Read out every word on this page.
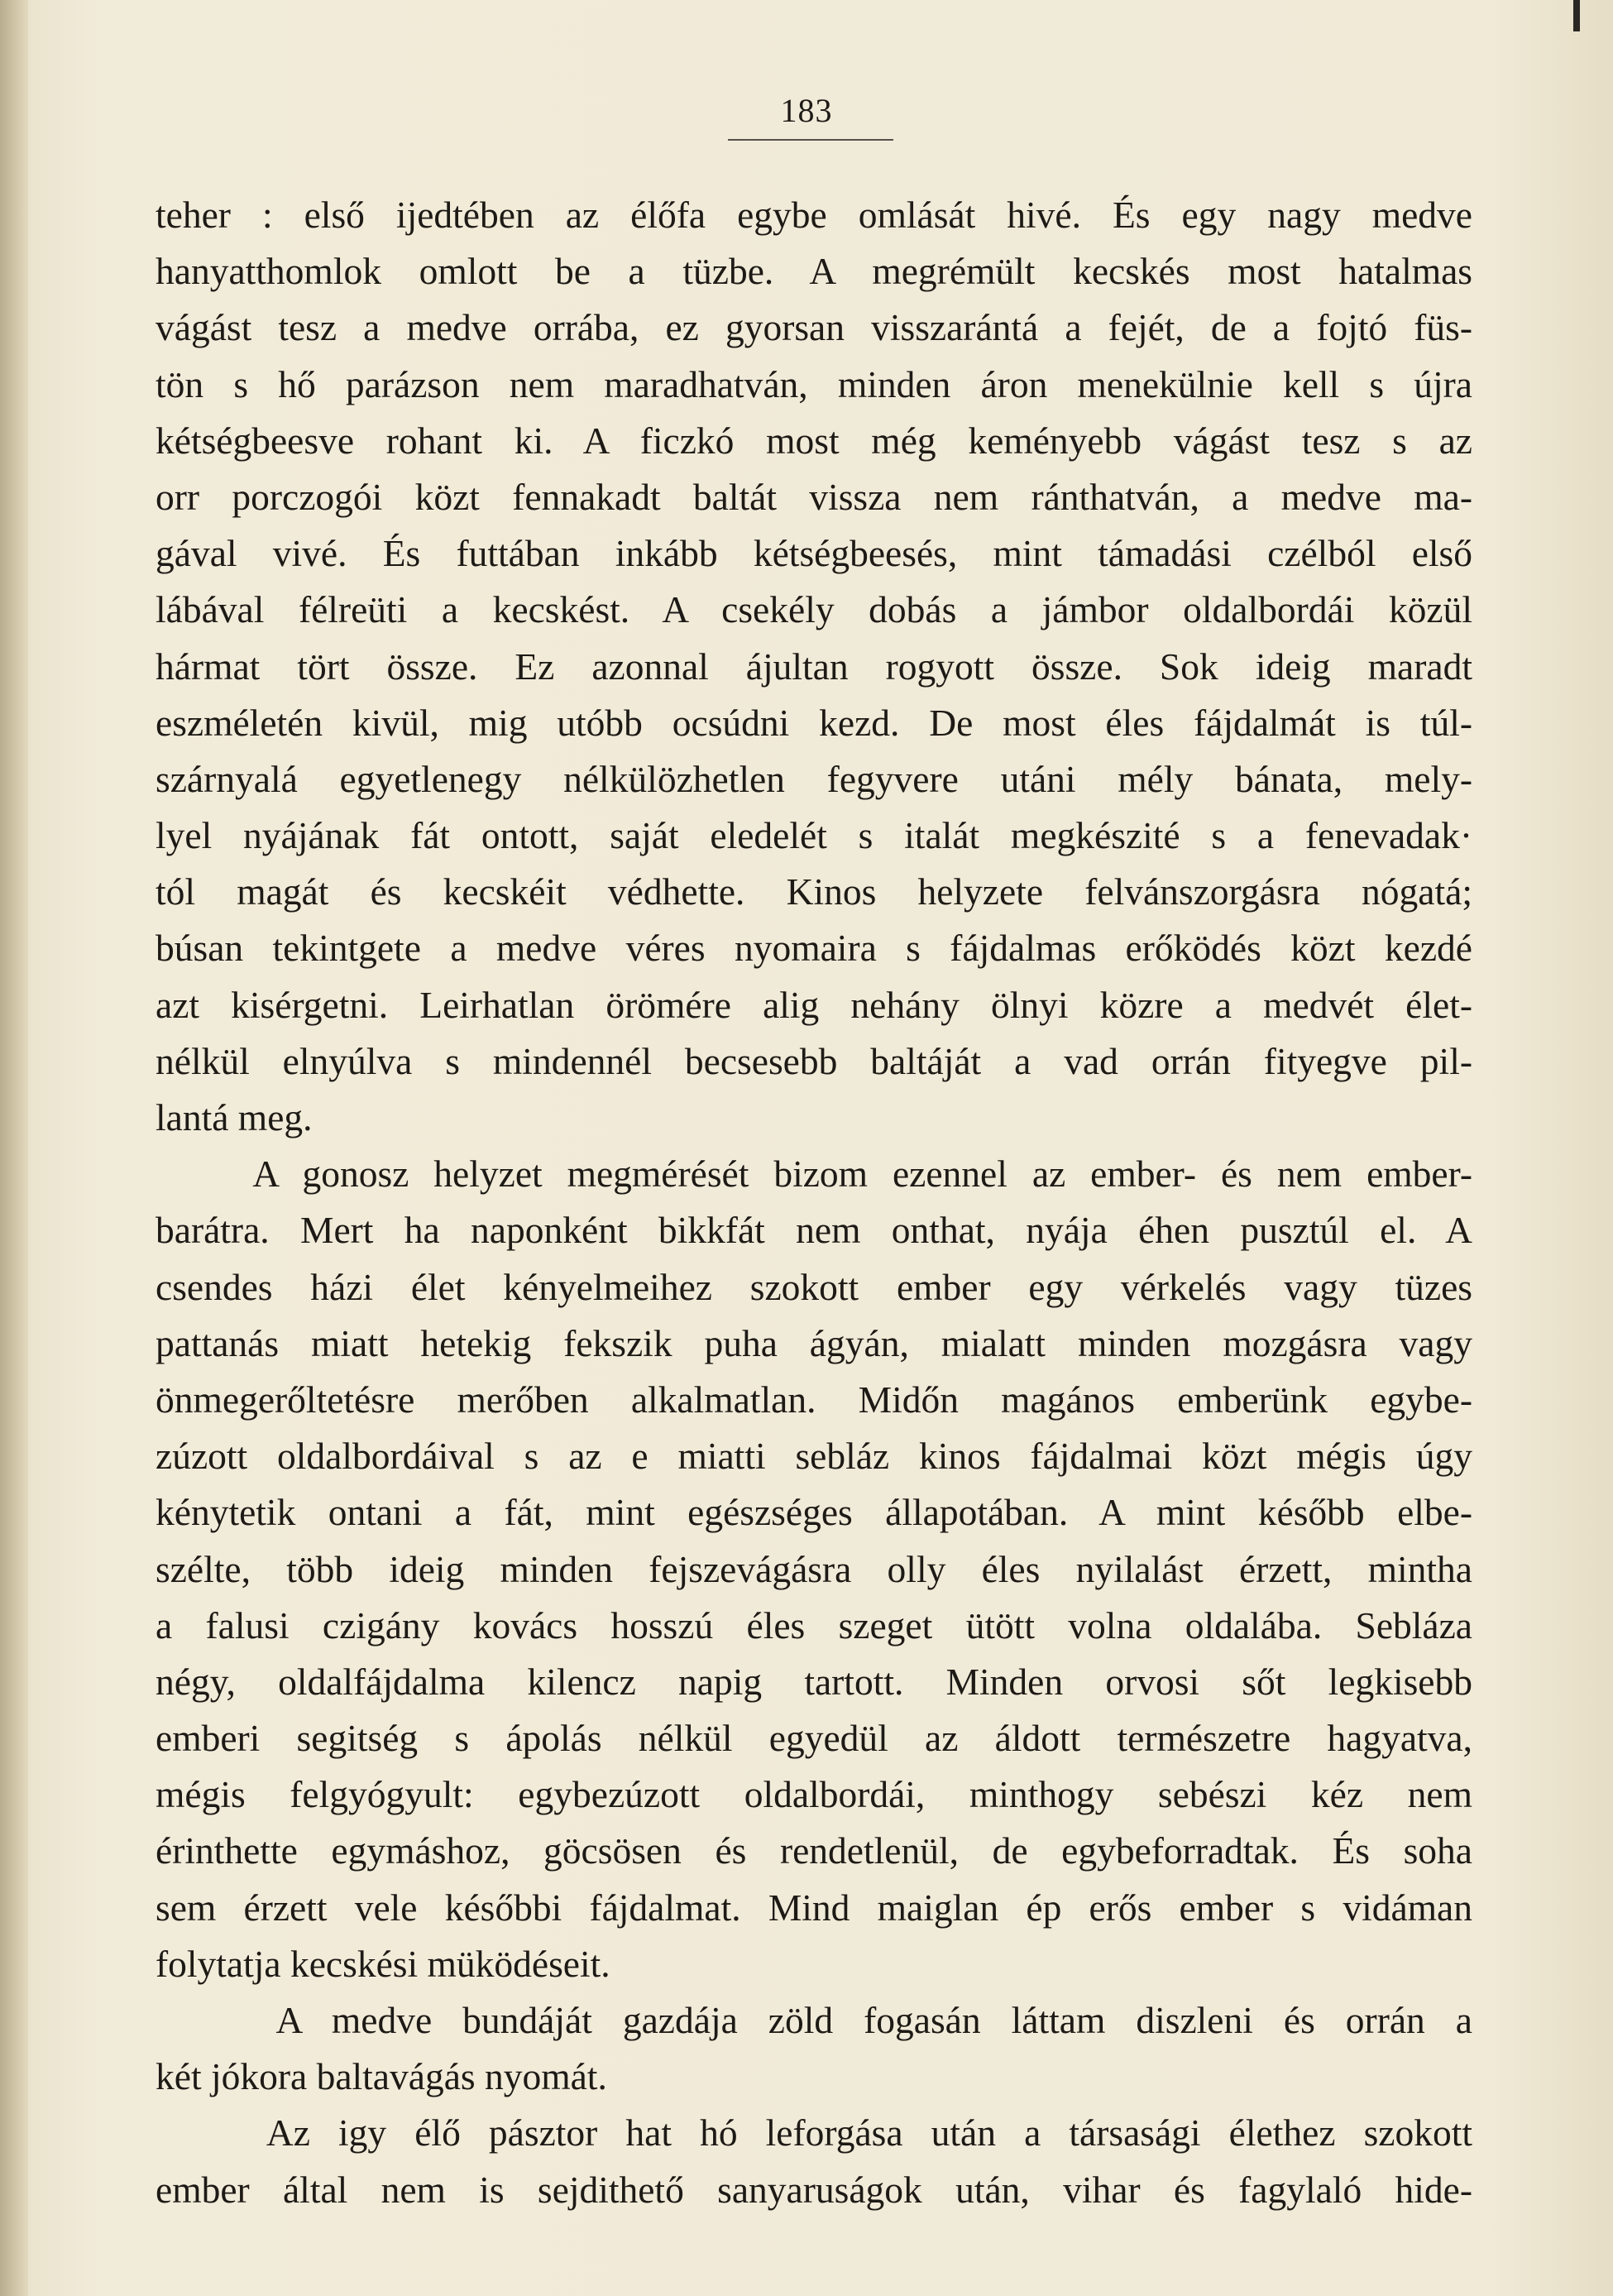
183
teher : első ijedtében az élőfa egybe omlását hivé. És egy nagy medve
hanyatthomlok omlott be a tüzbe. A megrémült kecskés most hatalmas
vágást tesz a medve orrába, ez gyorsan visszarántá a fejét, de a fojtó füs-
tön s hő parázson nem maradhatván, minden áron menekülnie kell s újra
kétségbeesve rohant ki. A ficzkó most még keményebb vágást tesz s az
orr porczogói közt fennakadt baltát vissza nem ránthatván, a medve ma-
gával vivé. És futtában inkább kétségbeesés, mint támadási czélból első
lábával félreüti a kecskést. A csekély dobás a jámbor oldalbordái közül
hármat tört össze. Ez azonnal ájultan rogyott össze. Sok ideig maradt
eszméletén kivül, mig utóbb ocsúdni kezd. De most éles fájdalmát is túl-
szárnyalá egyetlenegy nélkülözhetlen fegyvere utáni mély bánata, mely-
lyel nyájának fát ontott, saját eledelét s italát megkészité s a fenevadak·
tól magát és kecskéit védhette. Kinos helyzete felvánszorgásra nógatá;
búsan tekintgete a medve véres nyomaira s fájdalmas erőködés közt kezdé
azt kisérgetni. Leirhatlan örömére alig nehány ölnyi közre a medvét élet-
nélkül elnyúlva s mindennél becsesebb baltáját a vad orrán fityegve pil-
lantá meg.
A gonosz helyzet megmérését bizom ezennel az ember- és nem ember-
barátra. Mert ha naponként bikkfát nem onthat, nyája éhen pusztúl el. A
csendes házi élet kényelmeihez szokott ember egy vérkelés vagy tüzes
pattanás miatt hetekig fekszik puha ágyán, mialatt minden mozgásra vagy
önmegerőltetésre merőben alkalmatlan. Midőn magános emberünk egybe-
zúzott oldalbordáival s az e miatti sebláz kinos fájdalmai közt mégis úgy
kénytetik ontani a fát, mint egészséges állapotában. A mint később elbe-
szélte, több ideig minden fejszevágásra olly éles nyilalást érzett, mintha
a falusi czigány kovács hosszú éles szeget ütött volna oldalába. Sebláza
négy, oldalfájdalma kilencz napig tartott. Minden orvosi sőt legkisebb
emberi segitség s ápolás nélkül egyedül az áldott természetre hagyatva,
mégis felgyógyult: egybezúzott oldalbordái, minthogy sebészi kéz nem
érinthette egymáshoz, göcsösen és rendetlenül, de egybeforradtak. És soha
sem érzett vele későbbi fájdalmat. Mind maiglan ép erős ember s vidáman
folytatja kecskési müködéseit.
A medve bundáját gazdája zöld fogasán láttam diszleni és orrán a
két jókora baltavágás nyomát.
Az igy élő pásztor hat hó leforgása után a társasági élethez szokott
ember által nem is sejdithető sanyaruságok után, vihar és fagylaló hide-
